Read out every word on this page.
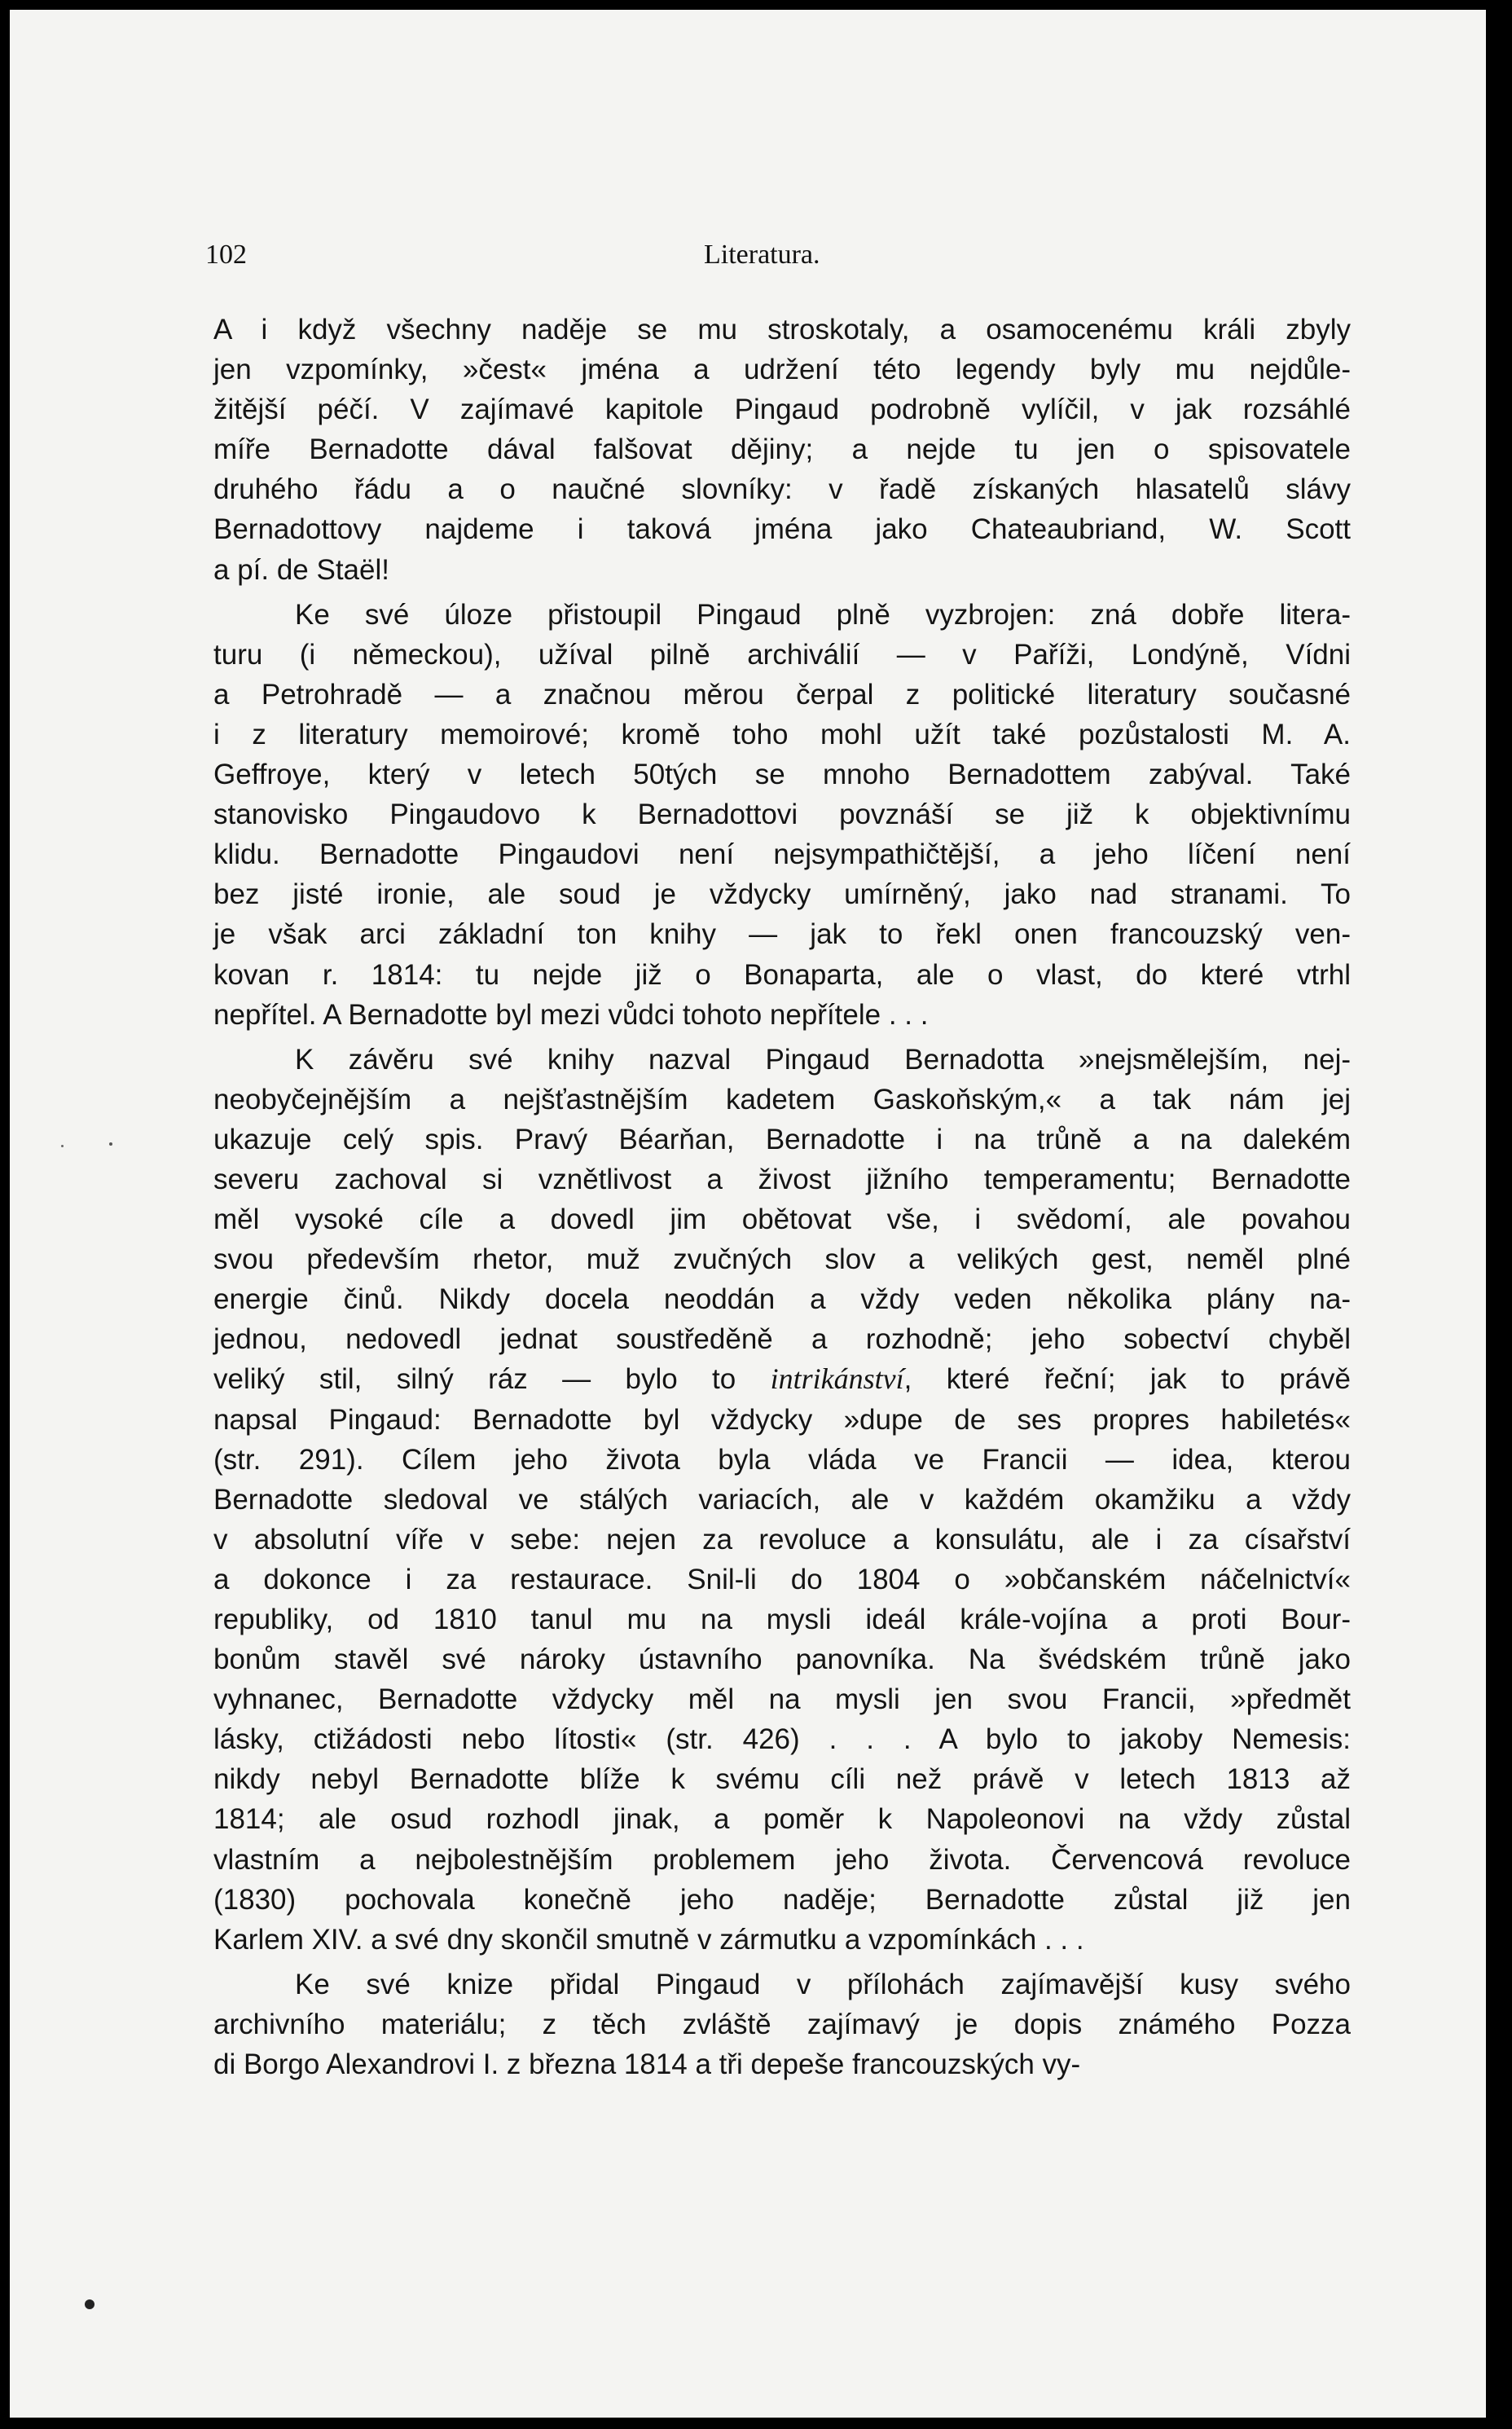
102	Literatura.
A i když všechny naděje se mu stroskotaly, a osamocenému králi zbyly
jen vzpomínky, »čest« jména a udržení této legendy byly mu nejdůle-
žitější péčí. V zajímavé kapitole Pingaud podrobně vylíčil, v jak rozsáhlé
míře Bernadotte dával falšovat dějiny; a nejde tu jen o spisovatele
druhého řádu a o naučné slovníky: v řadě získaných hlasatelů slávy
Bernadottovy najdeme i taková jména jako Chateaubriand, W. Scott
a pí. de Staël!
Ke své úloze přistoupil Pingaud plně vyzbrojen: zná dobře litera-
turu (i německou), užíval pilně archiválií — v Paříži, Londýně, Vídni
a Petrohradě — a značnou měrou čerpal z politické literatury současné
i z literatury memoirové; kromě toho mohl užít také pozůstalosti M. A.
Geffroye, který v letech 50tých se mnoho Bernadottem zabýval. Také
stanovisko Pingaudovo k Bernadottovi povznáší se již k objektivnímu
klidu. Bernadotte Pingaudovi není nejsympathičtější, a jeho líčení není
bez jisté ironie, ale soud je vždycky umírněný, jako nad stranami. To
je však arci základní ton knihy — jak to řekl onen francouzský ven-
kovan r. 1814: tu nejde již o Bonaparta, ale o vlast, do které vtrhl
nepřítel. A Bernadotte byl mezi vůdci tohoto nepřítele . . .
K závěru své knihy nazval Pingaud Bernadotta »nejsmělejším, nej-
neobyčejnějším a nejšťastnějším kadetem Gaskoňským,« a tak nám jej
ukazuje celý spis. Pravý Béarňan, Bernadotte i na trůně a na dalekém
severu zachoval si vznětlivost a živost jižního temperamentu; Bernadotte
měl vysoké cíle a dovedl jim obětovat vše, i svědomí, ale povahou
svou především rhetor, muž zvučných slov a velikých gest, neměl plné
energie činů. Nikdy docela neoddán a vždy veden několika plány na-
jednou, nedovedl jednat soustředěně a rozhodně; jeho sobectví chyběl
veliký stil, silný ráz — bylo to intrikánství, které řeční; jak to právě
napsal Pingaud: Bernadotte byl vždycky »dupe de ses propres habiletés«
(str. 291). Cílem jeho života byla vláda ve Francii — idea, kterou
Bernadotte sledoval ve stálých variacích, ale v každém okamžiku a vždy
v absolutní víře v sebe: nejen za revoluce a konsulátu, ale i za císařství
a dokonce i za restaurace. Snil-li do 1804 o »občanském náčelnictví«
republiky, od 1810 tanul mu na mysli ideál krále-vojína a proti Bour-
bonům stavěl své nároky ústavního panovníka. Na švédském trůně jako
vyhnanec, Bernadotte vždycky měl na mysli jen svou Francii, »předmět
lásky, ctižádosti nebo lítosti« (str. 426) . . . A bylo to jakoby Nemesis:
nikdy nebyl Bernadotte blíže k svému cíli než právě v letech 1813 až
1814; ale osud rozhodl jinak, a poměr k Napoleonovi na vždy zůstal
vlastním a nejbolestnějším problemem jeho života. Červencová revoluce
(1830) pochovala konečně jeho naděje; Bernadotte zůstal již jen
Karlem XIV. a své dny skončil smutně v zármutku a vzpomínkách . . .
Ke své knize přidal Pingaud v přílohách zajímavější kusy svého
archivního materiálu; z těch zvláště zajímavý je dopis známého Pozza
di Borgo Alexandrovi I. z března 1814 a tři depeše francouzských vy-
